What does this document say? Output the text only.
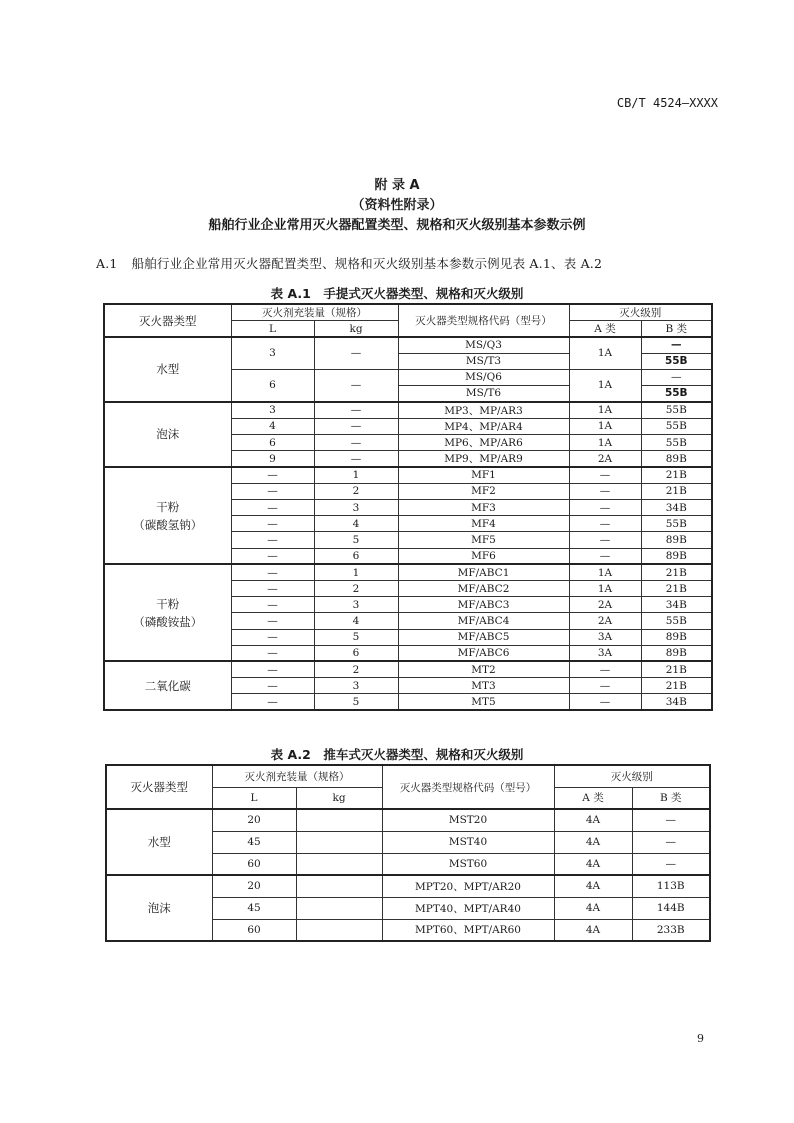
CB/T 4524—XXXX
附 录 A
（资料性附录）
船舶行业企业常用灭火器配置类型、规格和灭火级别基本参数示例
A.1 船舶行业企业常用灭火器配置类型、规格和灭火级别基本参数示例见表 A.1、表 A.2
表 A.1　手提式灭火器类型、规格和灭火级别
灭火器类型	灭火剂充装量（规格）		灭火器类型规格代码（型号）	灭火级别	
	L	kg		A 类	B 类
水型	3	—	MS/Q3	1A	—
			MS/T3		55B
	6	—	MS/Q6	1A	—
			MS/T6		55B
泡沫	3	—	MP3、MP/AR3	1A	55B
	4	—	MP4、MP/AR4	1A	55B
	6	—	MP6、MP/AR6	1A	55B
	9	—	MP9、MP/AR9	2A	89B

干粉
（碳酸氢钠）	—	1	MF1	—	21B
	—	2	MF2	—	21B
	—	3	MF3	—	34B
	—	4	MF4	—	55B
	—	5	MF5	—	89B
	—	6	MF6	—	89B

干粉
（磷酸铵盐）	—	1	MF/ABC1	1A	21B
	—	2	MF/ABC2	1A	21B
	—	3	MF/ABC3	2A	34B
	—	4	MF/ABC4	2A	55B
	—	5	MF/ABC5	3A	89B
	—	6	MF/ABC6	3A	89B
二氧化碳	—	2	MT2	—	21B
	—	3	MT3	—	21B
	—	5	MT5	—	34B
表 A.2　推车式灭火器类型、规格和灭火级别
灭火器类型	灭火剂充装量（规格）		灭火器类型规格代码（型号）	灭火级别	
	L	kg		A 类	B 类
水型	20		MST20	4A	—
	45		MST40	4A	—
	60		MST60	4A	—
泡沫	20		MPT20、MPT/AR20	4A	113B
	45		MPT40、MPT/AR40	4A	144B
	60		MPT60、MPT/AR60	4A	233B
9
